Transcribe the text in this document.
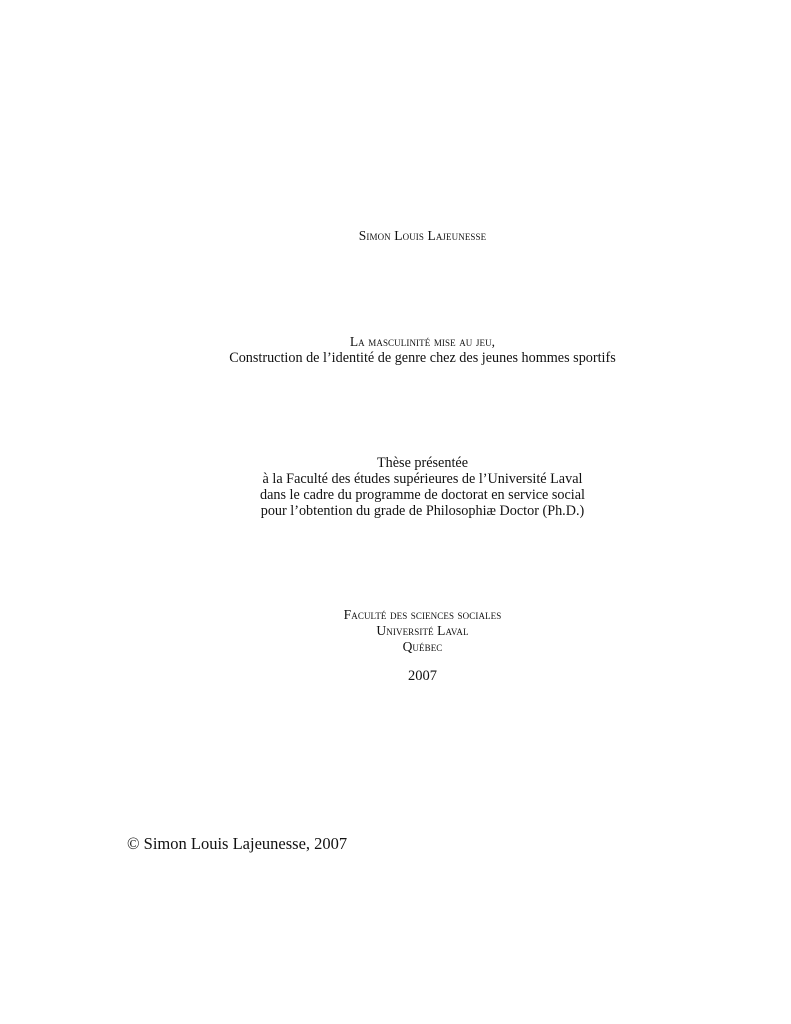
Simon Louis Lajeunesse
La masculinité mise au jeu,
Construction de l’identité de genre chez des jeunes hommes sportifs
Thèse présentée
à la Faculté des études supérieures de l’Université Laval
dans le cadre du programme de doctorat en service social
pour l’obtention du grade de Philosophiæ Doctor (Ph.D.)
Faculté des sciences sociales
Université Laval
Québec
2007
© Simon Louis Lajeunesse, 2007
